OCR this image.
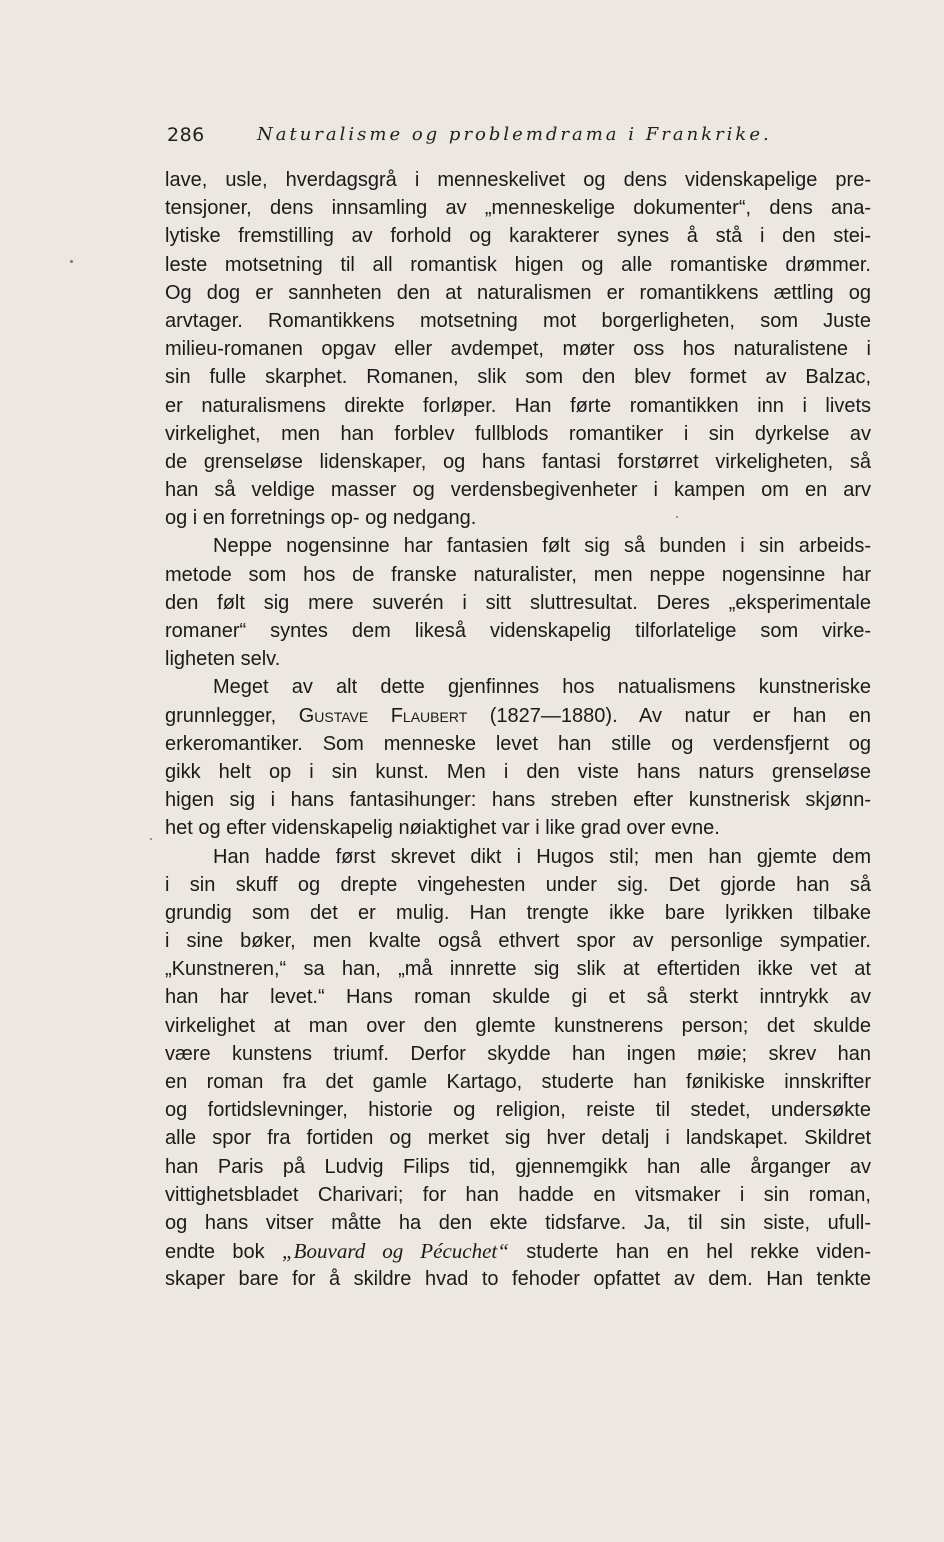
286	Naturalisme og problemdrama i Frankrike.
lave, usle, hverdagsgrå i menneskelivet og dens videnskapelige pre-
tensjoner, dens innsamling av „menneskelige dokumenter“, dens ana-
lytiske fremstilling av forhold og karakterer synes å stå i den stei-
leste motsetning til all romantisk higen og alle romantiske drømmer.
Og dog er sannheten den at naturalismen er romantikkens ættling og
arvtager. Romantikkens motsetning mot borgerligheten, som Juste
milieu-romanen opgav eller avdempet, møter oss hos naturalistene i
sin fulle skarphet. Romanen, slik som den blev formet av Balzac,
er naturalismens direkte forløper. Han førte romantikken inn i livets
virkelighet, men han forblev fullblods romantiker i sin dyrkelse av
de grenseløse lidenskaper, og hans fantasi forstørret virkeligheten, så
han så veldige masser og verdensbegivenheter i kampen om en arv
og i en forretnings op- og nedgang.
Neppe nogensinne har fantasien følt sig så bunden i sin arbeids-
metode som hos de franske naturalister, men neppe nogensinne har
den følt sig mere suverén i sitt sluttresultat. Deres „eksperimentale
romaner“ syntes dem likeså videnskapelig tilforlatelige som virke-
ligheten selv.
Meget av alt dette gjenfinnes hos natualismens kunstneriske
grunnlegger, Gustave Flaubert (1827—1880). Av natur er han en
erkeromantiker. Som menneske levet han stille og verdensfjernt og
gikk helt op i sin kunst. Men i den viste hans naturs grenseløse
higen sig i hans fantasihunger: hans streben efter kunstnerisk skjønn-
het og efter videnskapelig nøiaktighet var i like grad over evne.
Han hadde først skrevet dikt i Hugos stil; men han gjemte dem
i sin skuff og drepte vingehesten under sig. Det gjorde han så
grundig som det er mulig. Han trengte ikke bare lyrikken tilbake
i sine bøker, men kvalte også ethvert spor av personlige sympatier.
„Kunstneren,“ sa han, „må innrette sig slik at eftertiden ikke vet at
han har levet.“ Hans roman skulde gi et så sterkt inntrykk av
virkelighet at man over den glemte kunstnerens person; det skulde
være kunstens triumf. Derfor skydde han ingen møie; skrev han
en roman fra det gamle Kartago, studerte han fønikiske innskrifter
og fortidslevninger, historie og religion, reiste til stedet, undersøkte
alle spor fra fortiden og merket sig hver detalj i landskapet. Skildret
han Paris på Ludvig Filips tid, gjennemgikk han alle årganger av
vittighetsbladet Charivari; for han hadde en vitsmaker i sin roman,
og hans vitser måtte ha den ekte tidsfarve. Ja, til sin siste, ufull-
endte bok „Bouvard og Pécuchet“ studerte han en hel rekke viden-
skaper bare for å skildre hvad to fehoder opfattet av dem. Han tenkte
